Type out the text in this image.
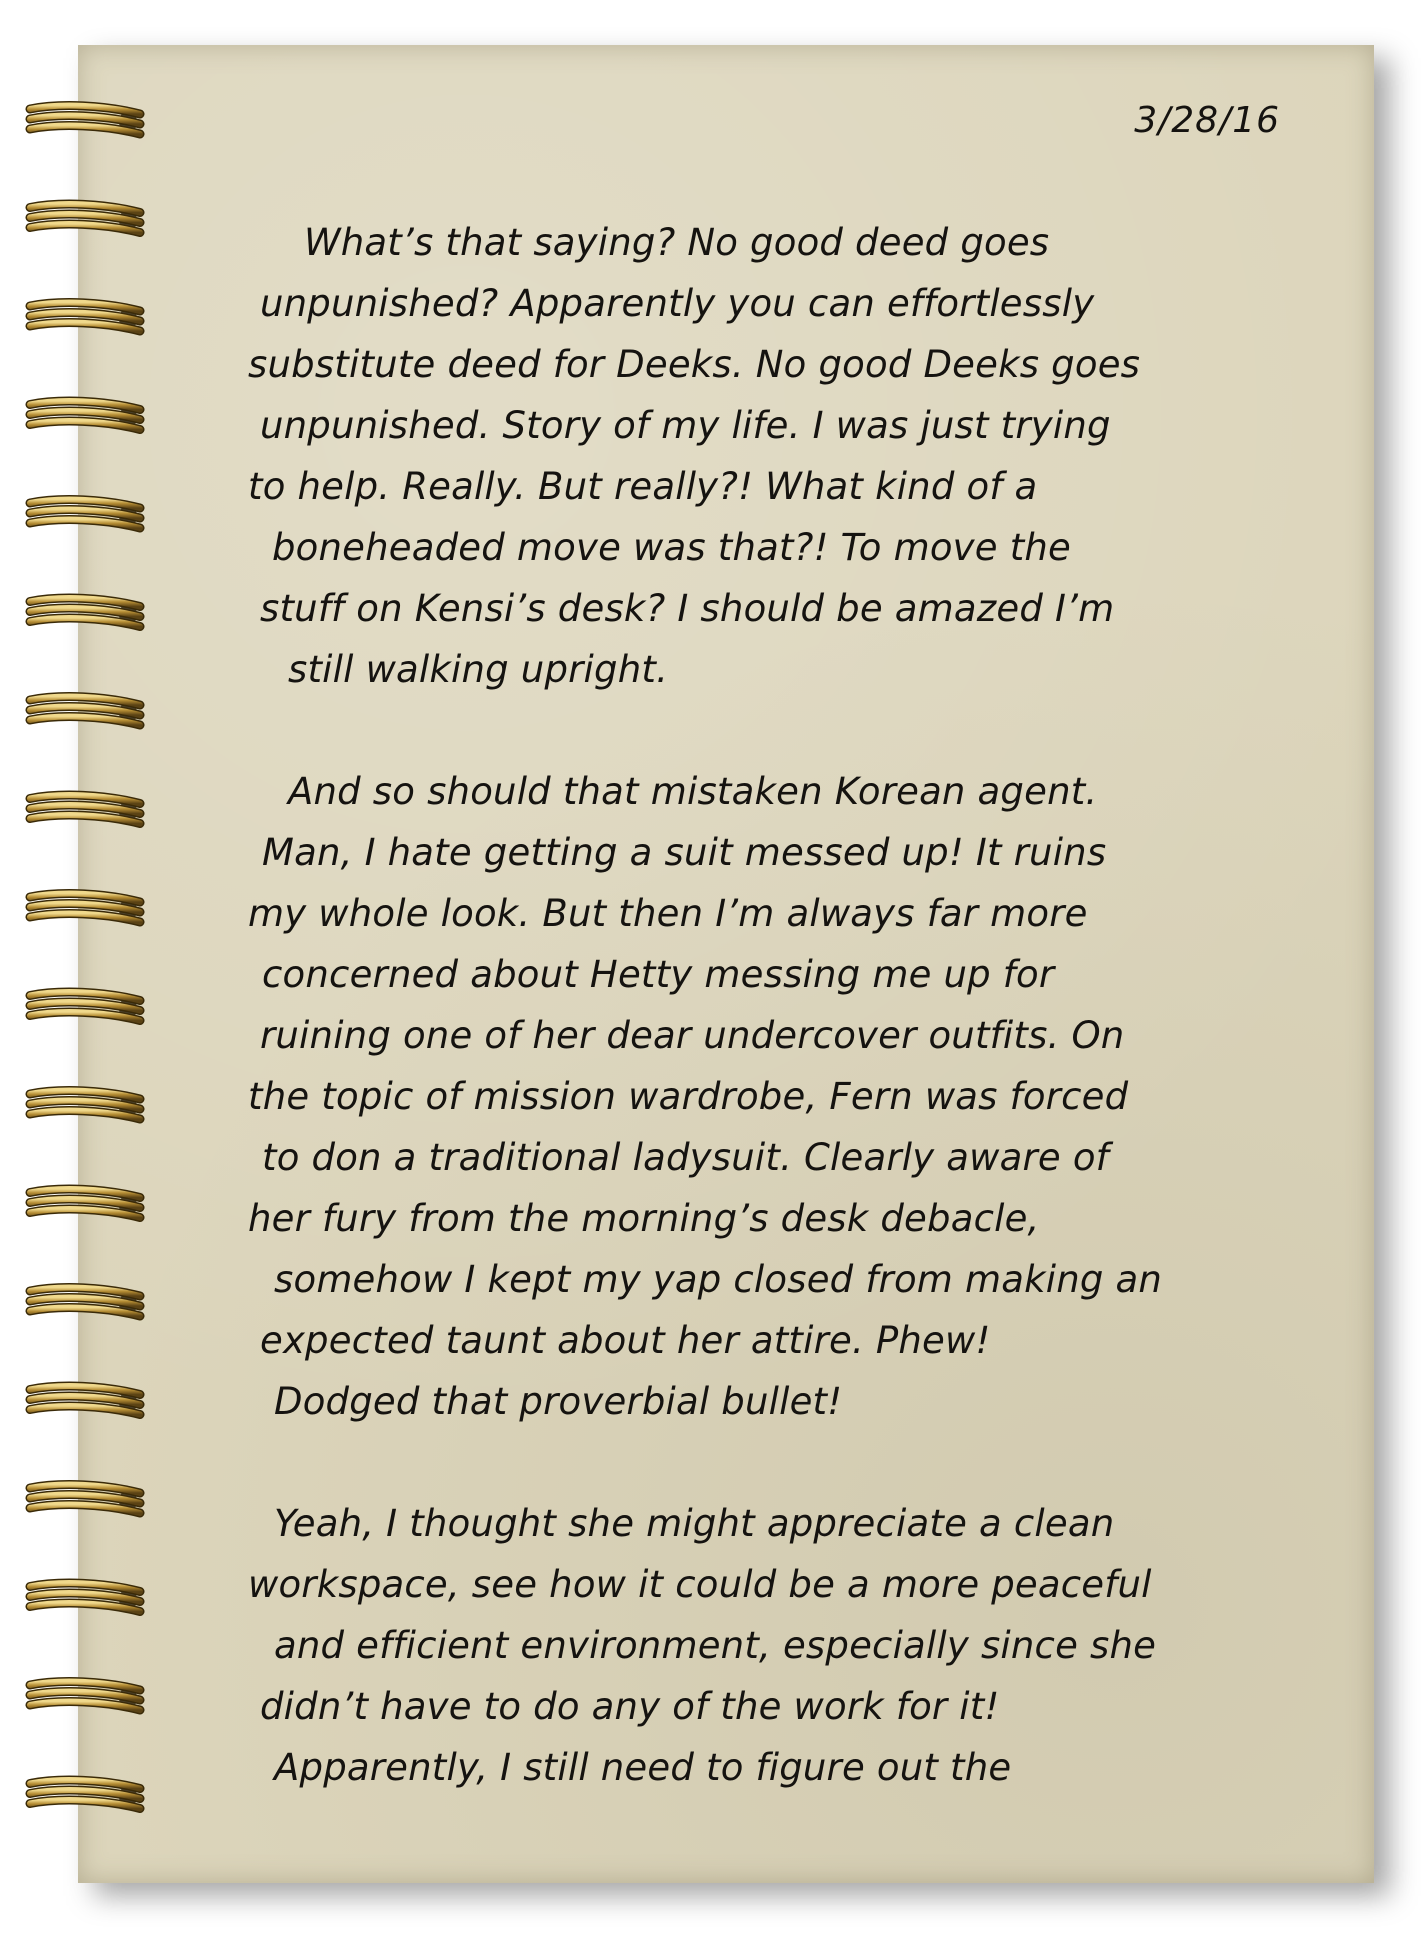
3/28/16
What’s that saying? No good deed goes
unpunished? Apparently you can effortlessly
substitute deed for Deeks. No good Deeks goes
unpunished. Story of my life. I was just trying
to help. Really. But really?! What kind of a
boneheaded move was that?! To move the
stuff on Kensi’s desk? I should be amazed I’m
still walking upright.
And so should that mistaken Korean agent.
Man, I hate getting a suit messed up! It ruins
my whole look. But then I’m always far more
concerned about Hetty messing me up for
ruining one of her dear undercover outfits. On
the topic of mission wardrobe, Fern was forced
to don a traditional ladysuit. Clearly aware of
her fury from the morning’s desk debacle,
somehow I kept my yap closed from making an
expected taunt about her attire. Phew!
Dodged that proverbial bullet!
Yeah, I thought she might appreciate a clean
workspace, see how it could be a more peaceful
and efficient environment, especially since she
didn’t have to do any of the work for it!
Apparently, I still need to figure out the
